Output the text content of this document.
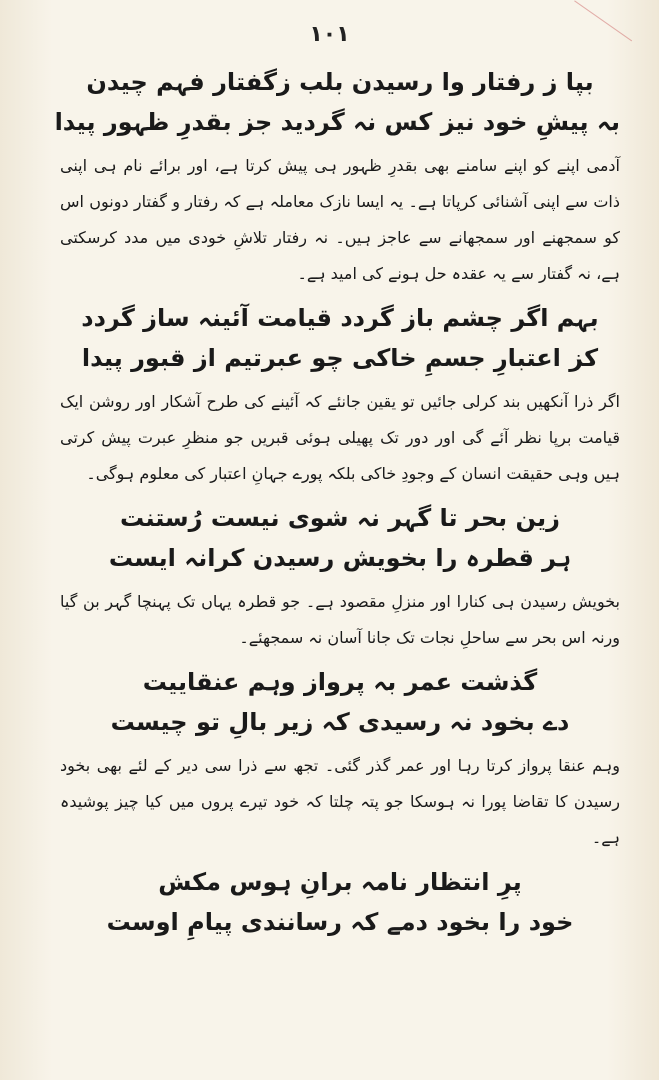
۱۰۱
بپا ز رفتار وا رسیدن بلب زگفتار فہم چیدن
بہ پیشِ خود نیز کس نہ گردید جز بقدرِ ظہور پیدا

آدمی اپنے کو اپنے سامنے بھی بقدرِ ظہور ہی پیش کرتا ہے، اور برائے نام ہی اپنی ذات سے اپنی آشنائی کرپاتا ہے۔ یہ ایسا نازک معاملہ ہے کہ رفتار و گفتار دونوں اس کو سمجھنے اور سمجھانے سے عاجز ہیں۔ نہ رفتار تلاشِ خودی میں مدد کرسکتی ہے، نہ گفتار سے یہ عقدہ حل ہونے کی امید ہے۔

بہم اگر چشم باز گردد قیامت آئینہ ساز گردد
کز اعتبارِ جسمِ خاکی چو عبرتیم از قبور پیدا

اگر ذرا آنکھیں بند کرلی جائیں تو یقین جانئے کہ آئینے کی طرح آشکار اور روشن ایک قیامت برپا نظر آئے گی اور دور تک پھیلی ہوئی قبریں جو منظرِ عبرت پیش کرتی ہیں وہی حقیقت انسان کے وجودِ خاکی بلکہ پورے جہانِ اعتبار کی معلوم ہوگی۔

زین بحر تا گہر نہ شوی نیست رُستنت
ہر قطرہ را بخویش رسیدن کرانہ ایست

بخویش رسیدن ہی کنارا اور منزلِ مقصود ہے۔ جو قطرہ یہاں تک پہنچا گہر بن گیا ورنہ اس بحر سے ساحلِ نجات تک جانا آسان نہ سمجھئے۔

گذشت عمر بہ پرواز وہم عنقاییت
دے بخود نہ رسیدی کہ زیر بالِ تو چیست

وہم عنقا پرواز کرتا رہا اور عمر گذر گئی۔ تجھ سے ذرا سی دیر کے لئے بھی بخود رسیدن کا تقاضا پورا نہ ہوسکا جو پتہ چلتا کہ خود تیرے پروں میں کیا چیز پوشیدہ ہے۔

پرِ انتظار نامہ برانِ ہوس مکش
خود را بخود دمے کہ رسانندی پیامِ اوست
